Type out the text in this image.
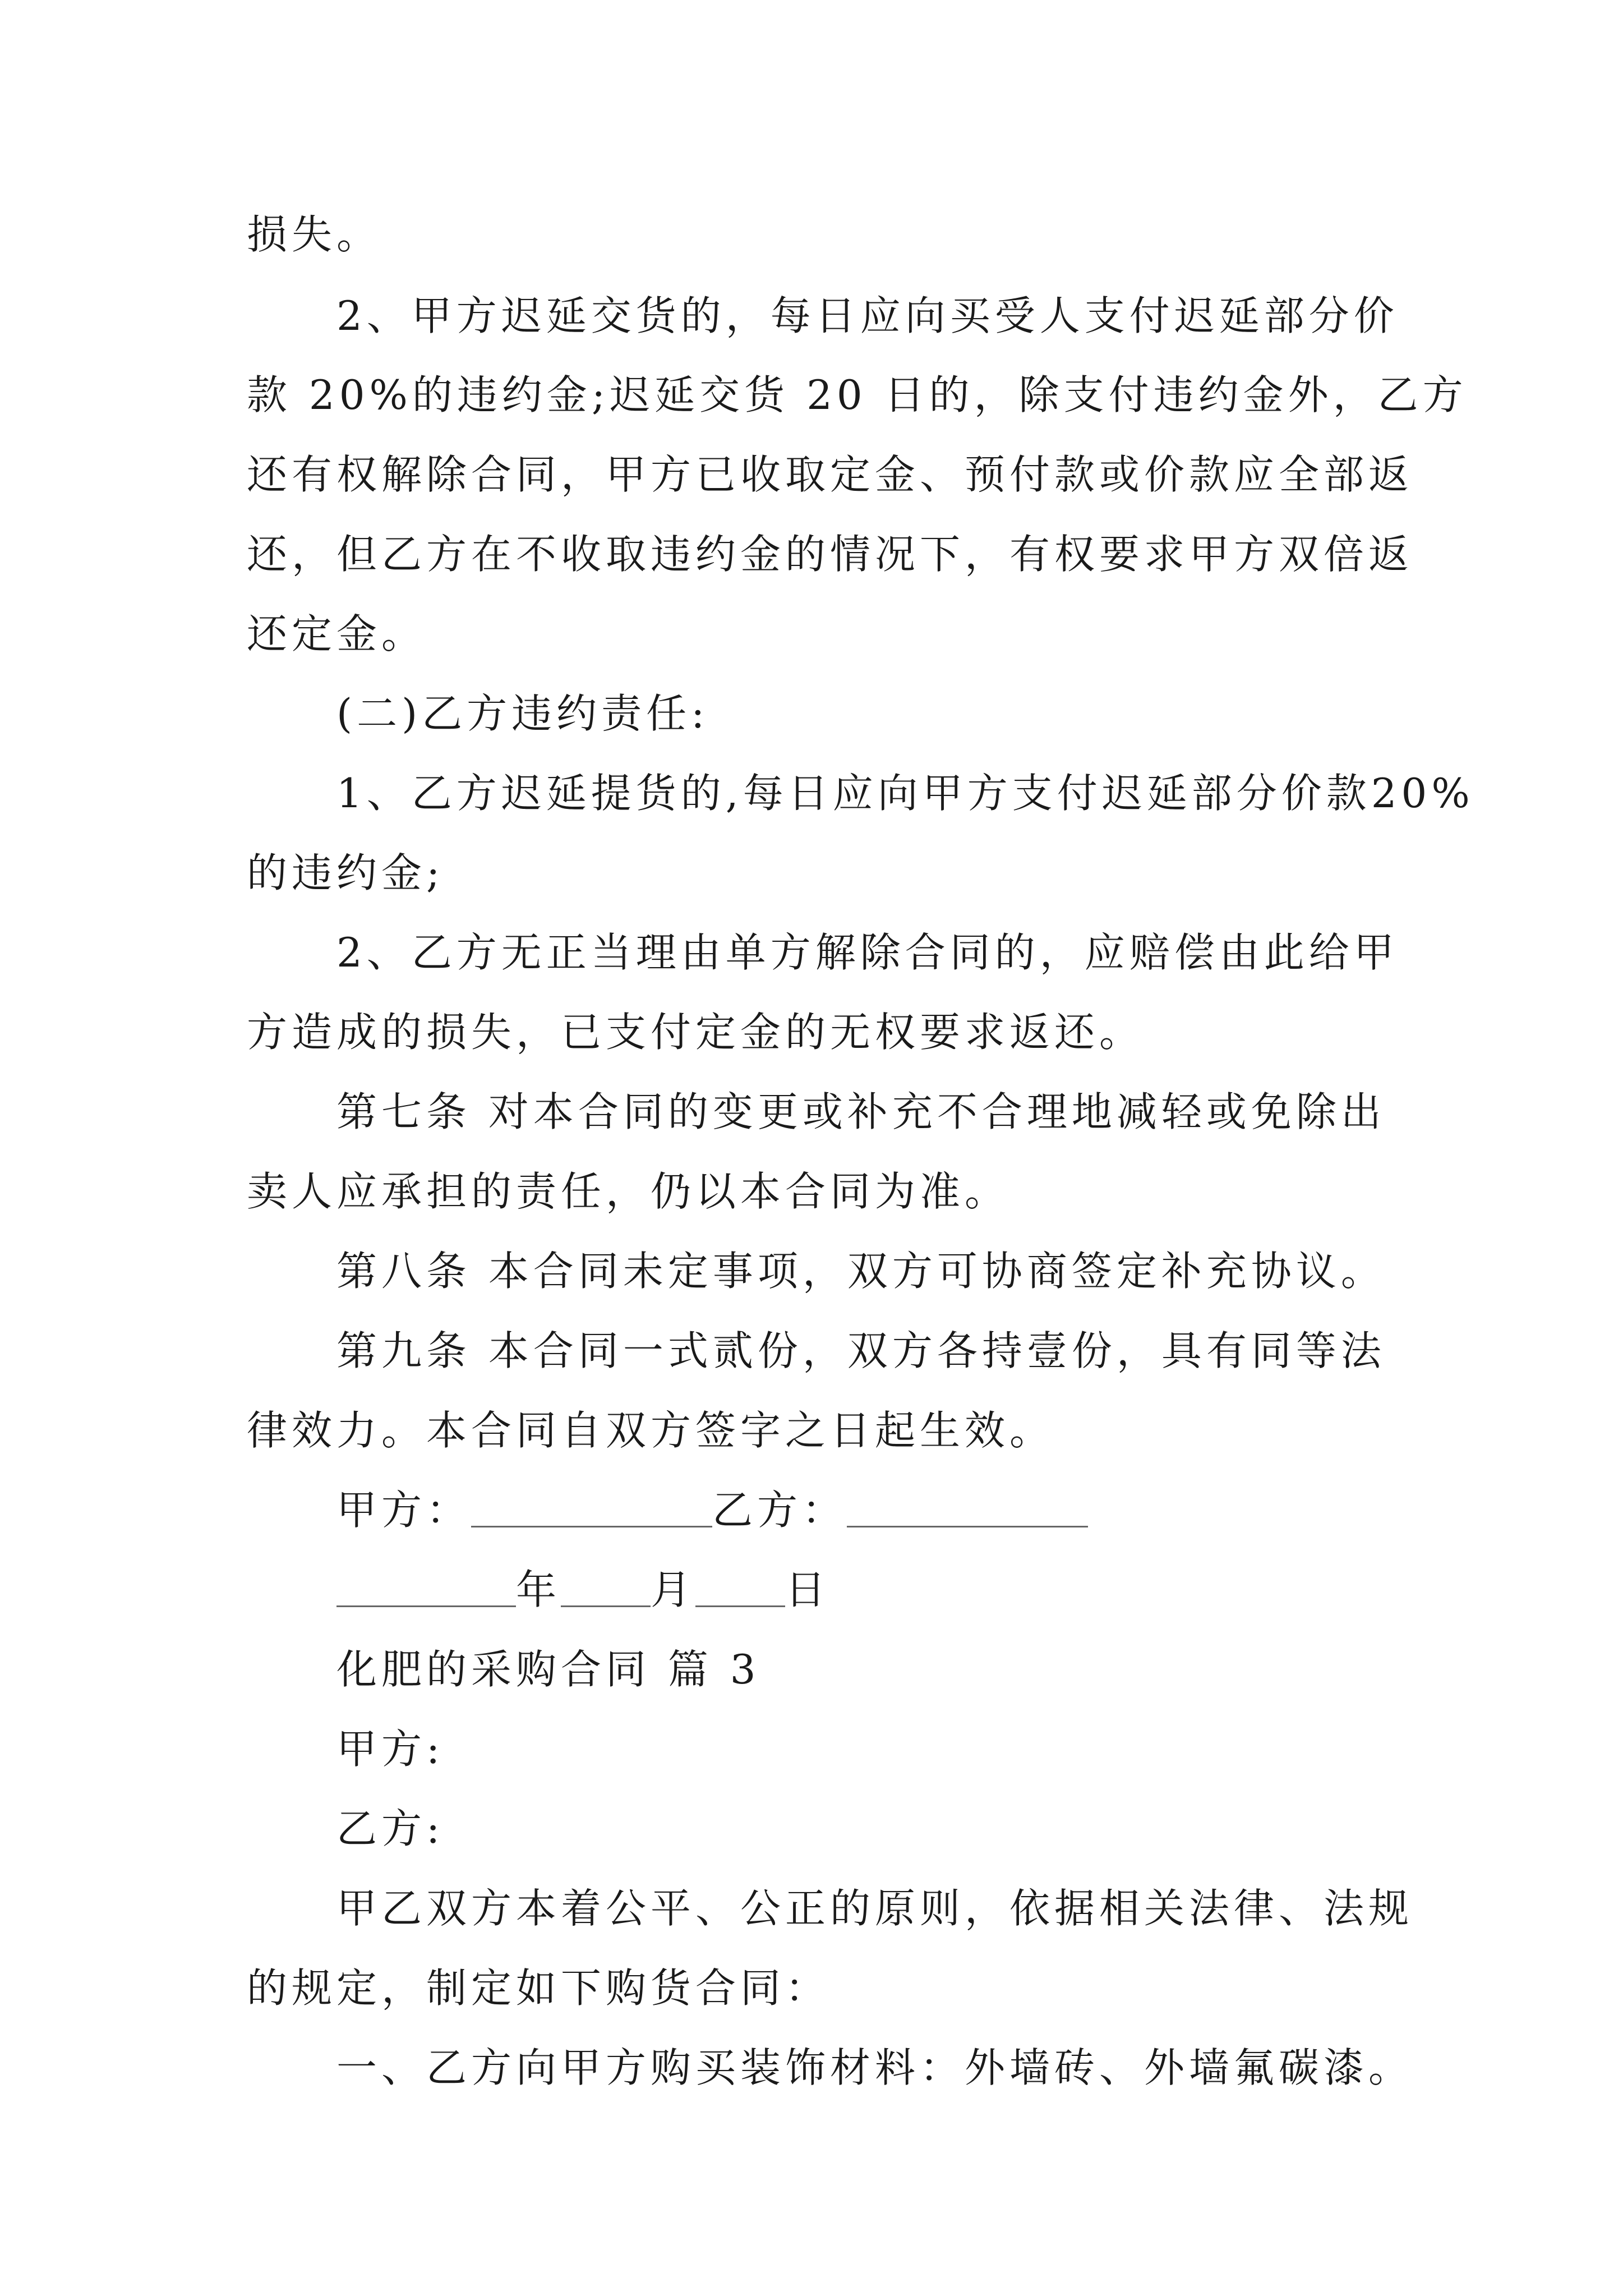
损失。
2、甲方迟延交货的，每日应向买受人支付迟延部分价
款 20%的违约金;迟延交货 20 日的，除支付违约金外，乙方
还有权解除合同，甲方已收取定金、预付款或价款应全部返
还，但乙方在不收取违约金的情况下，有权要求甲方双倍返
还定金。
(二)乙方违约责任:
1、乙方迟延提货的,每日应向甲方支付迟延部分价款20%
的违约金;
2、乙方无正当理由单方解除合同的，应赔偿由此给甲
方造成的损失，已支付定金的无权要求返还。
第七条 对本合同的变更或补充不合理地减轻或免除出
卖人应承担的责任，仍以本合同为准。
第八条 本合同未定事项，双方可协商签定补充协议。
第九条 本合同一式贰份，双方各持壹份，具有同等法
律效力。本合同自双方签字之日起生效。
甲方：	乙方：
年 月 日
化肥的采购合同 篇 3
甲方:
乙方:
甲乙双方本着公平、公正的原则，依据相关法律、法规
的规定，制定如下购货合同：
一、乙方向甲方购买装饰材料：外墙砖、外墙氟碳漆。
